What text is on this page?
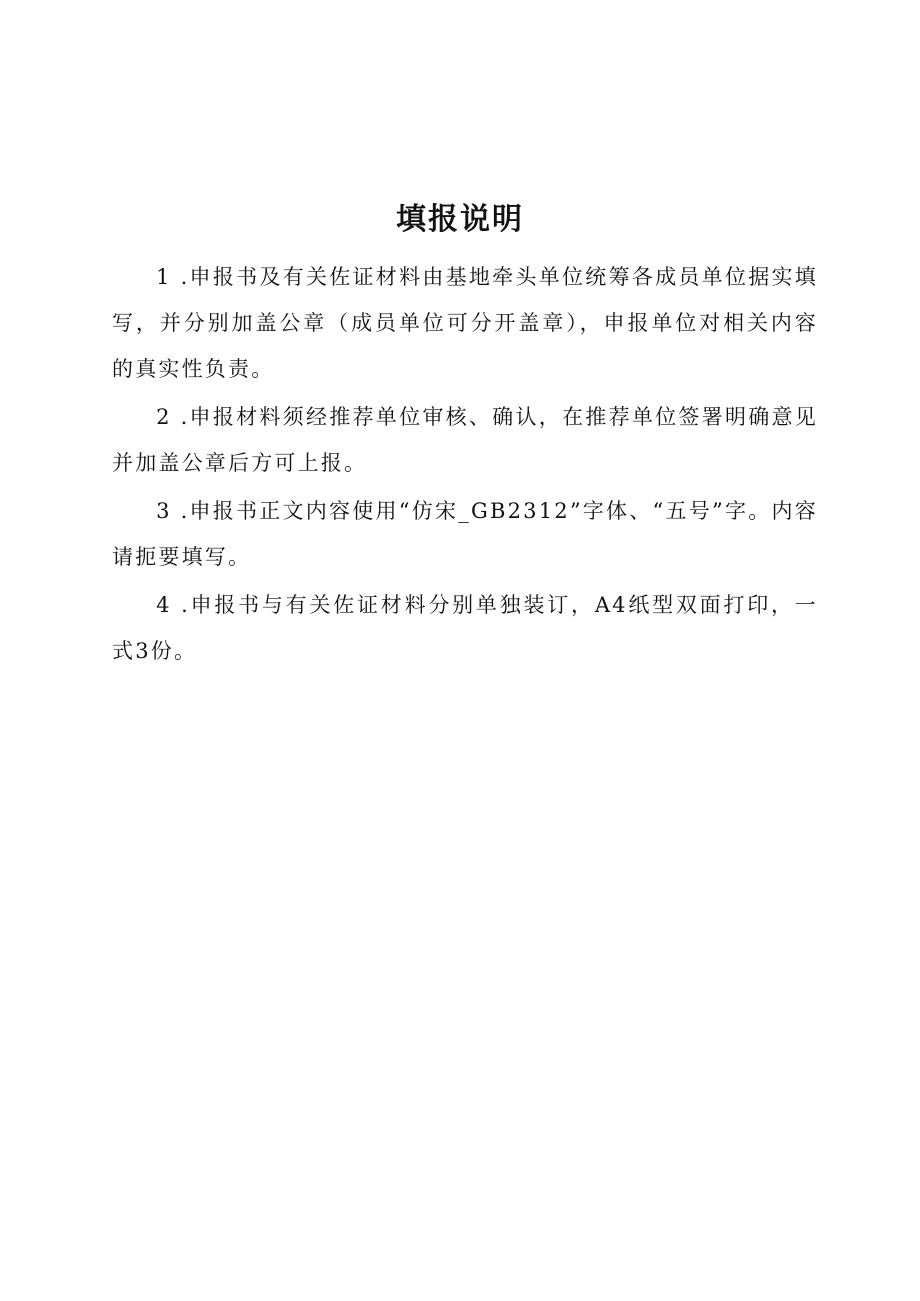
填报说明

1 .申报书及有关佐证材料由基地牵头单位统筹各成员单位据实填写，并分别加盖公章（成员单位可分开盖章），申报单位对相关内容的真实性负责。

2 .申报材料须经推荐单位审核、确认，在推荐单位签署明确意见并加盖公章后方可上报。

3 .申报书正文内容使用“仿宋_GB2312”字体、“五号”字。内容请扼要填写。

4 .申报书与有关佐证材料分别单独装订，A4纸型双面打印，一式3份。
